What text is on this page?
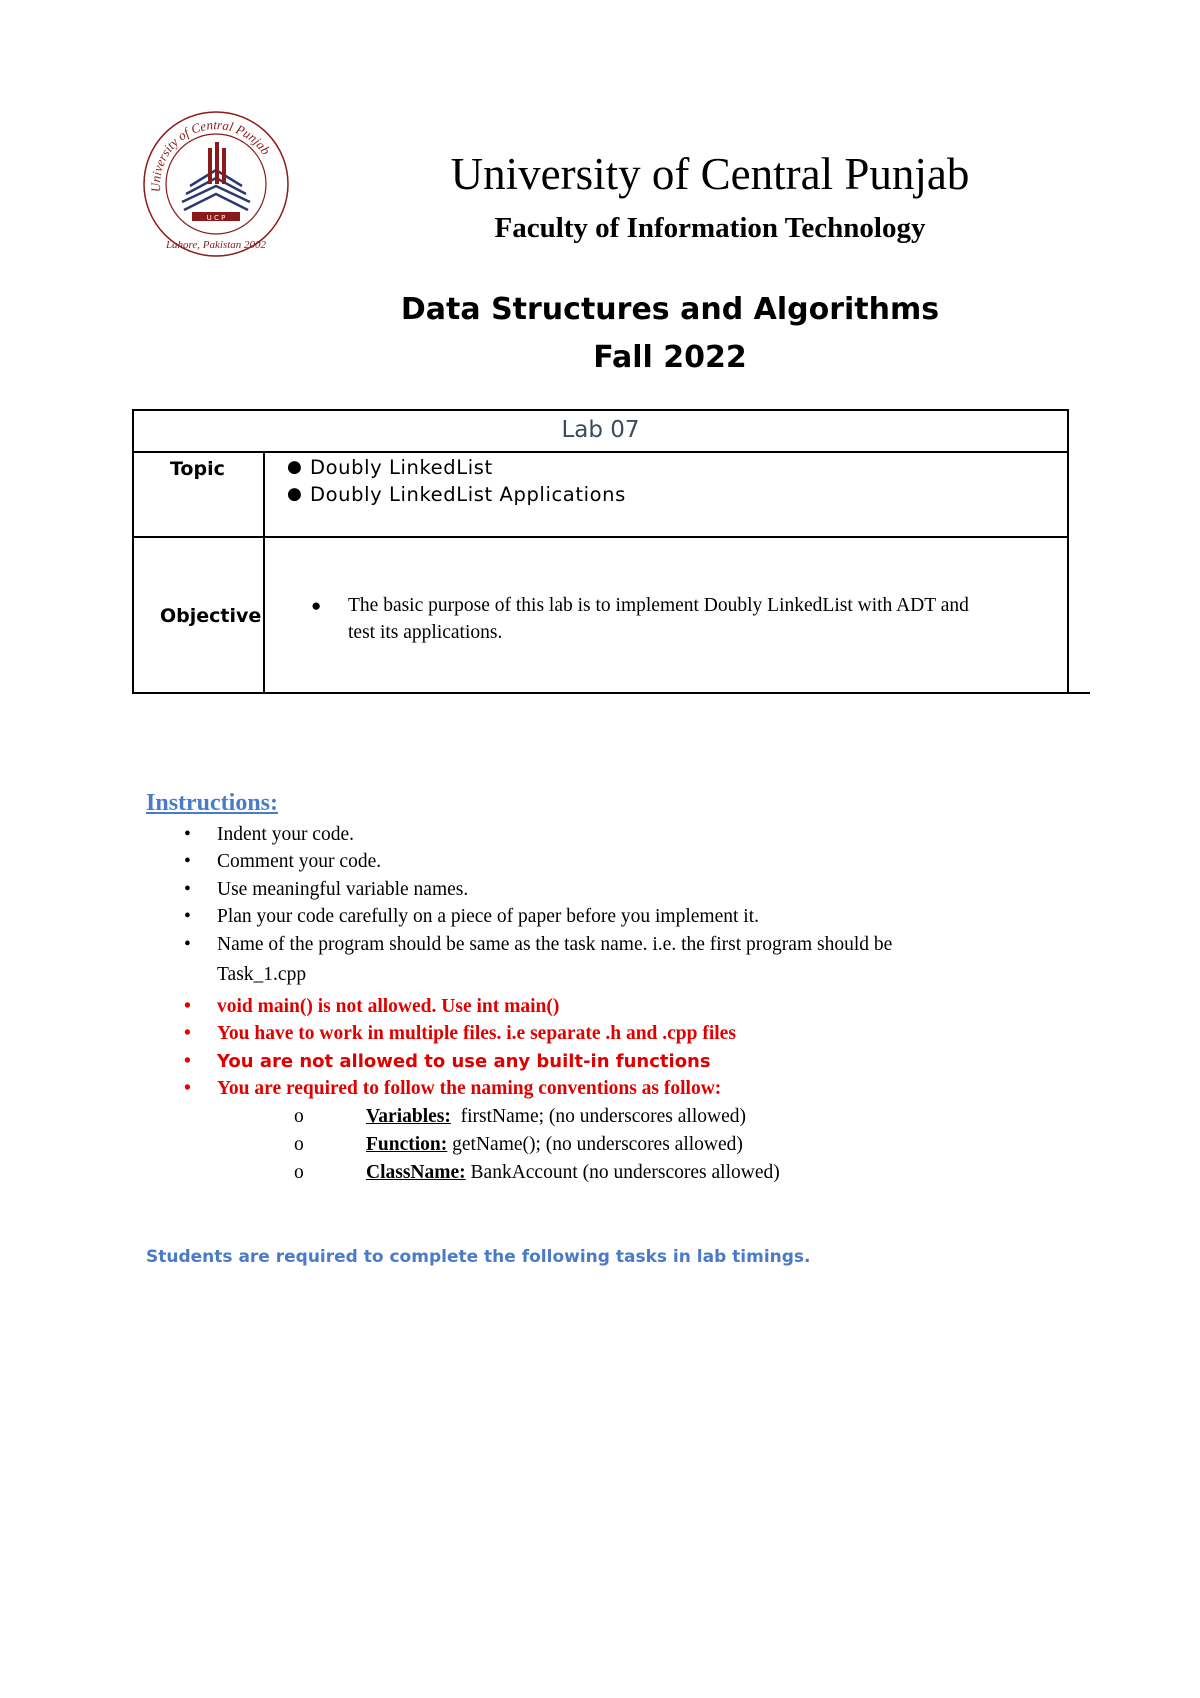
University of Central Punjab
Lahore, Pakistan 2002
U C P
University of Central Punjab
Faculty of Information Technology
Data Structures and Algorithms
Fall 2022
Lab 07
Topic	● Doubly LinkedList
● Doubly LinkedList Applications
Objective	● The basic purpose of this lab is to implement Doubly LinkedList with ADT and
test its applications.
Instructions:
• Indent your code.
• Comment your code.
• Use meaningful variable names.
• Plan your code carefully on a piece of paper before you implement it.
• Name of the program should be same as the task name. i.e. the first program should be
Task_1.cpp
• void main() is not allowed. Use int main()
• You have to work in multiple files. i.e separate .h and .cpp files
• You are not allowed to use any built-in functions
• You are required to follow the naming conventions as follow:
o	Variables:  firstName; (no underscores allowed)
o	Function: getName(); (no underscores allowed)
o	ClassName: BankAccount (no underscores allowed)
Students are required to complete the following tasks in lab timings.
